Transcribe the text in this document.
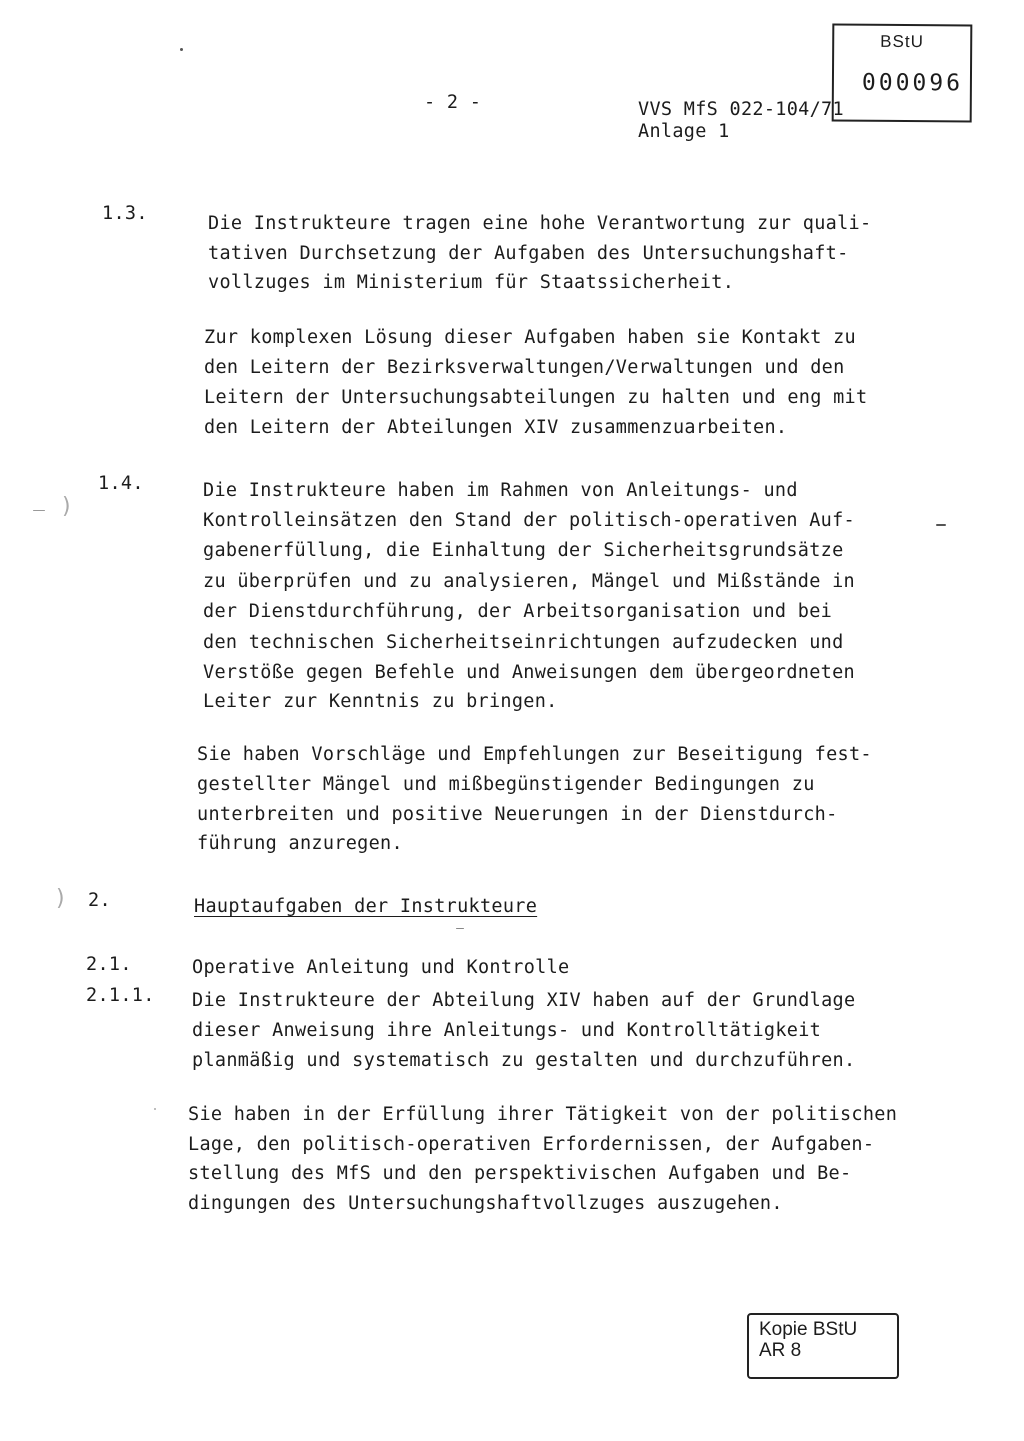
- 2 -	VVS MfS 022-104/71
Anlage 1
BStU
000096
1.3.	Die Instrukteure tragen eine hohe Verantwortung zur quali-
tativen Durchsetzung der Aufgaben des Untersuchungshaft-
vollzuges im Ministerium für Staatssicherheit.
Zur komplexen Lösung dieser Aufgaben haben sie Kontakt zu
den Leitern der Bezirksverwaltungen/Verwaltungen und den
Leitern der Untersuchungsabteilungen zu halten und eng mit
den Leitern der Abteilungen XIV zusammenzuarbeiten.
1.4.	Die Instrukteure haben im Rahmen von Anleitungs- und
Kontrolleinsätzen den Stand der politisch-operativen Auf-
gabenerfüllung, die Einhaltung der Sicherheitsgrundsätze
zu überprüfen und zu analysieren, Mängel und Mißstände in
der Dienstdurchführung, der Arbeitsorganisation und bei
den technischen Sicherheitseinrichtungen aufzudecken und
Verstöße gegen Befehle und Anweisungen dem übergeordneten
Leiter zur Kenntnis zu bringen.
Sie haben Vorschläge und Empfehlungen zur Beseitigung fest-
gestellter Mängel und mißbegünstigender Bedingungen zu
unterbreiten und positive Neuerungen in der Dienstdurch-
führung anzuregen.
2.	Hauptaufgaben der Instrukteure
2.1.	Operative Anleitung und Kontrolle
2.1.1. Die Instrukteure der Abteilung XIV haben auf der Grundlage
dieser Anweisung ihre Anleitungs- und Kontrolltätigkeit
planmäßig und systematisch zu gestalten und durchzuführen.
Sie haben in der Erfüllung ihrer Tätigkeit von der politischen
Lage, den politisch-operativen Erfordernissen, der Aufgaben-
stellung des MfS und den perspektivischen Aufgaben und Be-
dingungen des Untersuchungshaftvollzuges auszugehen.
Kopie BStU
AR 8
)
)
